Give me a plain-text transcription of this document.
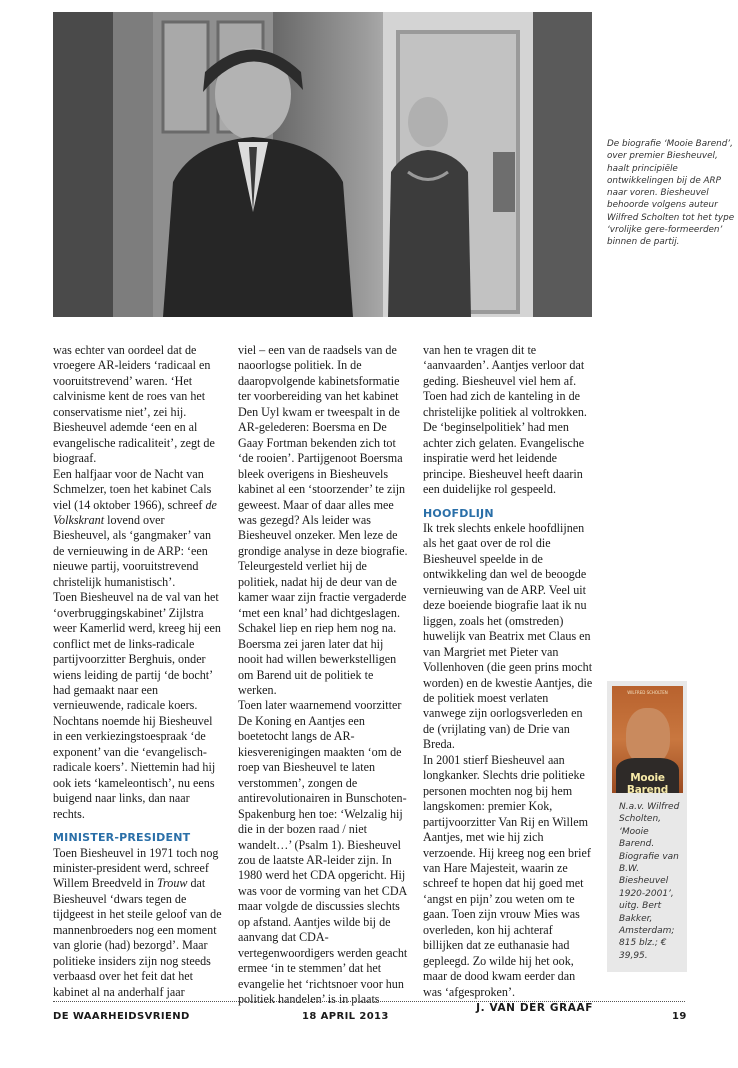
De biografie ‘Mooie Barend’, over premier Biesheuvel, haalt principiële ontwikkelingen bij de ARP naar voren. Biesheuvel behoorde volgens auteur Wilfred Scholten tot het type ‘vrolijke gere-formeerden’ binnen de partij.

was echter van oordeel dat de vroegere AR-leiders ‘radicaal en vooruitstrevend’ waren. ‘Het calvinisme kent de roes van het conservatisme niet’, zei hij. Biesheuvel ademde ‘een en al evangelische radicaliteit’, zegt de biograaf.

Een halfjaar voor de Nacht van Schmelzer, toen het kabinet Cals viel (14 oktober 1966), schreef de Volkskrant lovend over Biesheuvel, als ‘gangmaker’ van de vernieuwing in de ARP: ‘een nieuwe partij, vooruitstrevend christelijk humanistisch’.

Toen Biesheuvel na de val van het ‘overbruggingskabinet’ Zijlstra weer Kamerlid werd, kreeg hij een conflict met de links-radicale partijvoorzitter Berghuis, onder wiens leiding de partij ‘de bocht’ had gemaakt naar een vernieuwende, radicale koers. Nochtans noemde hij Biesheuvel in een verkiezingstoespraak ‘de exponent’ van die ‘evangelisch-radicale koers’. Niettemin had hij ook iets ‘kameleontisch’, nu eens buigend naar links, dan naar rechts.

MINISTER-PRESIDENT

Toen Biesheuvel in 1971 toch nog minister-president werd, schreef Willem Breedveld in Trouw dat Biesheuvel ‘dwars tegen de tijdgeest in het steile geloof van de mannenbroeders nog een moment van glorie (had) bezorgd’. Maar politieke insiders zijn nog steeds verbaasd over het feit dat het kabinet al na anderhalf jaar

viel – een van de raadsels van de naoorlogse politiek. In de daaropvolgende kabinetsformatie ter voorbereiding van het kabinet Den Uyl kwam er tweespalt in de AR-gelederen: Boersma en De Gaay Fortman bekenden zich tot ‘de rooien’. Partijgenoot Boersma bleek overigens in Biesheuvels kabinet al een ‘stoorzender’ te zijn geweest. Maar of daar alles mee was gezegd? Als leider was Biesheuvel onzeker. Men leze de grondige analyse in deze biografie. Teleurgesteld verliet hij de politiek, nadat hij de deur van de kamer waar zijn fractie vergaderde ‘met een knal’ had dichtgeslagen. Schakel liep en riep hem nog na. Boersma zei jaren later dat hij nooit had willen bewerkstelligen om Barend uit de politiek te werken.

Toen later waarnemend voorzitter De Koning en Aantjes een boetetocht langs de AR-kiesverenigingen maakten ‘om de roep van Biesheuvel te laten verstommen’, zongen de antirevolutionairen in Bunschoten-Spakenburg hen toe: ‘Welzalig hij die in der bozen raad / niet wandelt…’ (Psalm 1). Biesheuvel zou de laatste AR-leider zijn. In 1980 werd het CDA opgericht. Hij was voor de vorming van het CDA maar volgde de discussies slechts op afstand. Aantjes wilde bij de aanvang dat CDA-vertegenwoordigers werden geacht ermee ‘in te stemmen’ dat het evangelie het ‘richtsnoer voor hun politiek handelen’ is in plaats

van hen te vragen dit te ‘aanvaarden’. Aantjes verloor dat geding. Biesheuvel viel hem af. Toen had zich de kanteling in de christelijke politiek al voltrokken. De ‘beginselpolitiek’ had men achter zich gelaten. Evangelische inspiratie werd het leidende principe. Biesheuvel heeft daarin een duidelijke rol gespeeld.

HOOFDLIJN

Ik trek slechts enkele hoofdlijnen als het gaat over de rol die Biesheuvel speelde in de ontwikkeling dan wel de beoogde vernieuwing van de ARP. Veel uit deze boeiende biografie laat ik nu liggen, zoals het (omstreden) huwelijk van Beatrix met Claus en van Margriet met Pieter van Vollenhoven (die geen prins mocht worden) en de kwestie Aantjes, die de politiek moest verlaten vanwege zijn oorlogsverleden en de (vrijlating van) de Drie van Breda.

In 2001 stierf Biesheuvel aan longkanker. Slechts drie politieke personen mochten nog bij hem langskomen: premier Kok, partijvoorzitter Van Rij en Willem Aantjes, met wie hij zich verzoende. Hij kreeg nog een brief van Hare Majesteit, waarin ze schreef te hopen dat hij goed met ‘angst en pijn’ zou weten om te gaan. Toen zijn vrouw Mies was overleden, kon hij achteraf billijken dat ze euthanasie had gepleegd. Zo wilde hij het ook, maar de dood kwam eerder dan was ‘afgesproken’.

J. VAN DER GRAAF
WILFRED SCHOLTEN
Mooie Barend
N.a.v. Wilfred Scholten, ‘Mooie Barend. Biografie van B.W. Biesheuvel 1920-2001’, uitg. Bert Bakker, Amsterdam; 815 blz.; € 39,95.
DE WAARHEIDSVRIEND	18 APRIL 2013	19
